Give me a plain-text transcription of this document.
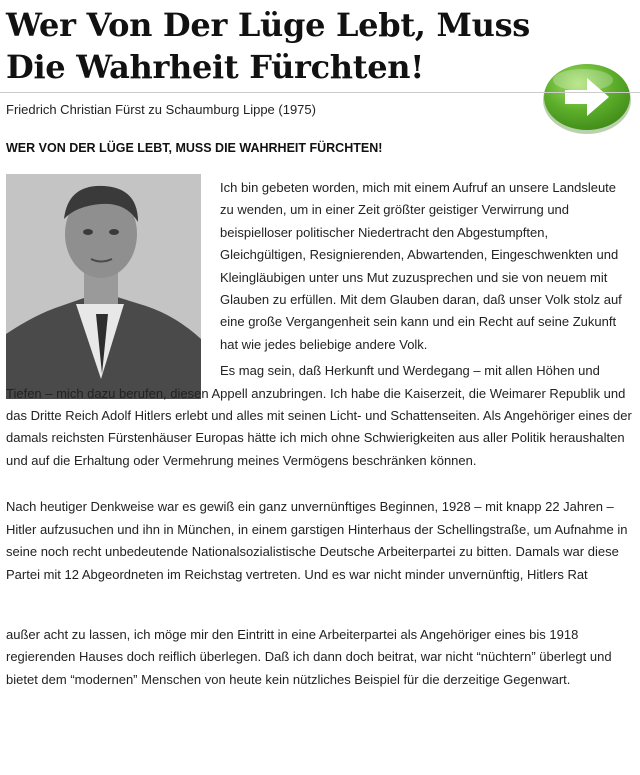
Wer Von Der Lüge Lebt, Muss Die Wahrheit Fürchten!
Friedrich Christian Fürst zu Schaumburg Lippe (1975)
WER VON DER LÜGE LEBT, MUSS DIE WAHRHEIT FÜRCHTEN!

Ich bin gebeten worden, mich mit einem Aufruf an unsere Landsleute zu wenden, um in einer Zeit größter geistiger Verwirrung und beispielloser politischer Niedertracht den Abgestumpften, Gleichgültigen, Resignierenden, Abwartenden, Eingeschwenkten und Kleingläubigen unter uns Mut zuzusprechen und sie von neuem mit Glauben zu erfüllen. Mit dem Glauben daran, daß unser Volk stolz auf eine große Vergangenheit sein kann und ein Recht auf seine Zukunft hat wie jedes beliebige andere Volk.

Es mag sein, daß Herkunft und Werdegang – mit allen Höhen und Tiefen – mich dazu berufen, diesen Appell anzubringen. Ich habe die Kaiserzeit, die Weimarer Republik und das Dritte Reich Adolf Hitlers erlebt und alles mit seinen Licht- und Schattenseiten. Als Angehöriger eines der damals reichsten Fürstenhäuser Europas hätte ich mich ohne Schwierigkeiten aus aller Politik heraushalten und auf die Erhaltung oder Vermehrung meines Vermögens beschränken können.

Nach heutiger Denkweise war es gewiß ein ganz unvernünftiges Beginnen, 1928 – mit knapp 22 Jahren – Hitler aufzusuchen und ihn in München, in einem garstigen Hinterhaus der Schellingstraße, um Aufnahme in seine noch recht unbedeutende Nationalsozialistische Deutsche Arbeiterpartei zu bitten. Damals war diese Partei mit 12 Abgeordneten im Reichstag vertreten. Und es war nicht minder unvernünftig, Hitlers Rat

außer acht zu lassen, ich möge mir den Eintritt in eine Arbeiterpartei als Angehöriger eines bis 1918 regierenden Hauses doch reiflich überlegen. Daß ich dann doch beitrat, war nicht “nüchtern” überlegt und bietet dem “modernen” Menschen von heute kein nützliches Beispiel für die derzeitige Gegenwart.
